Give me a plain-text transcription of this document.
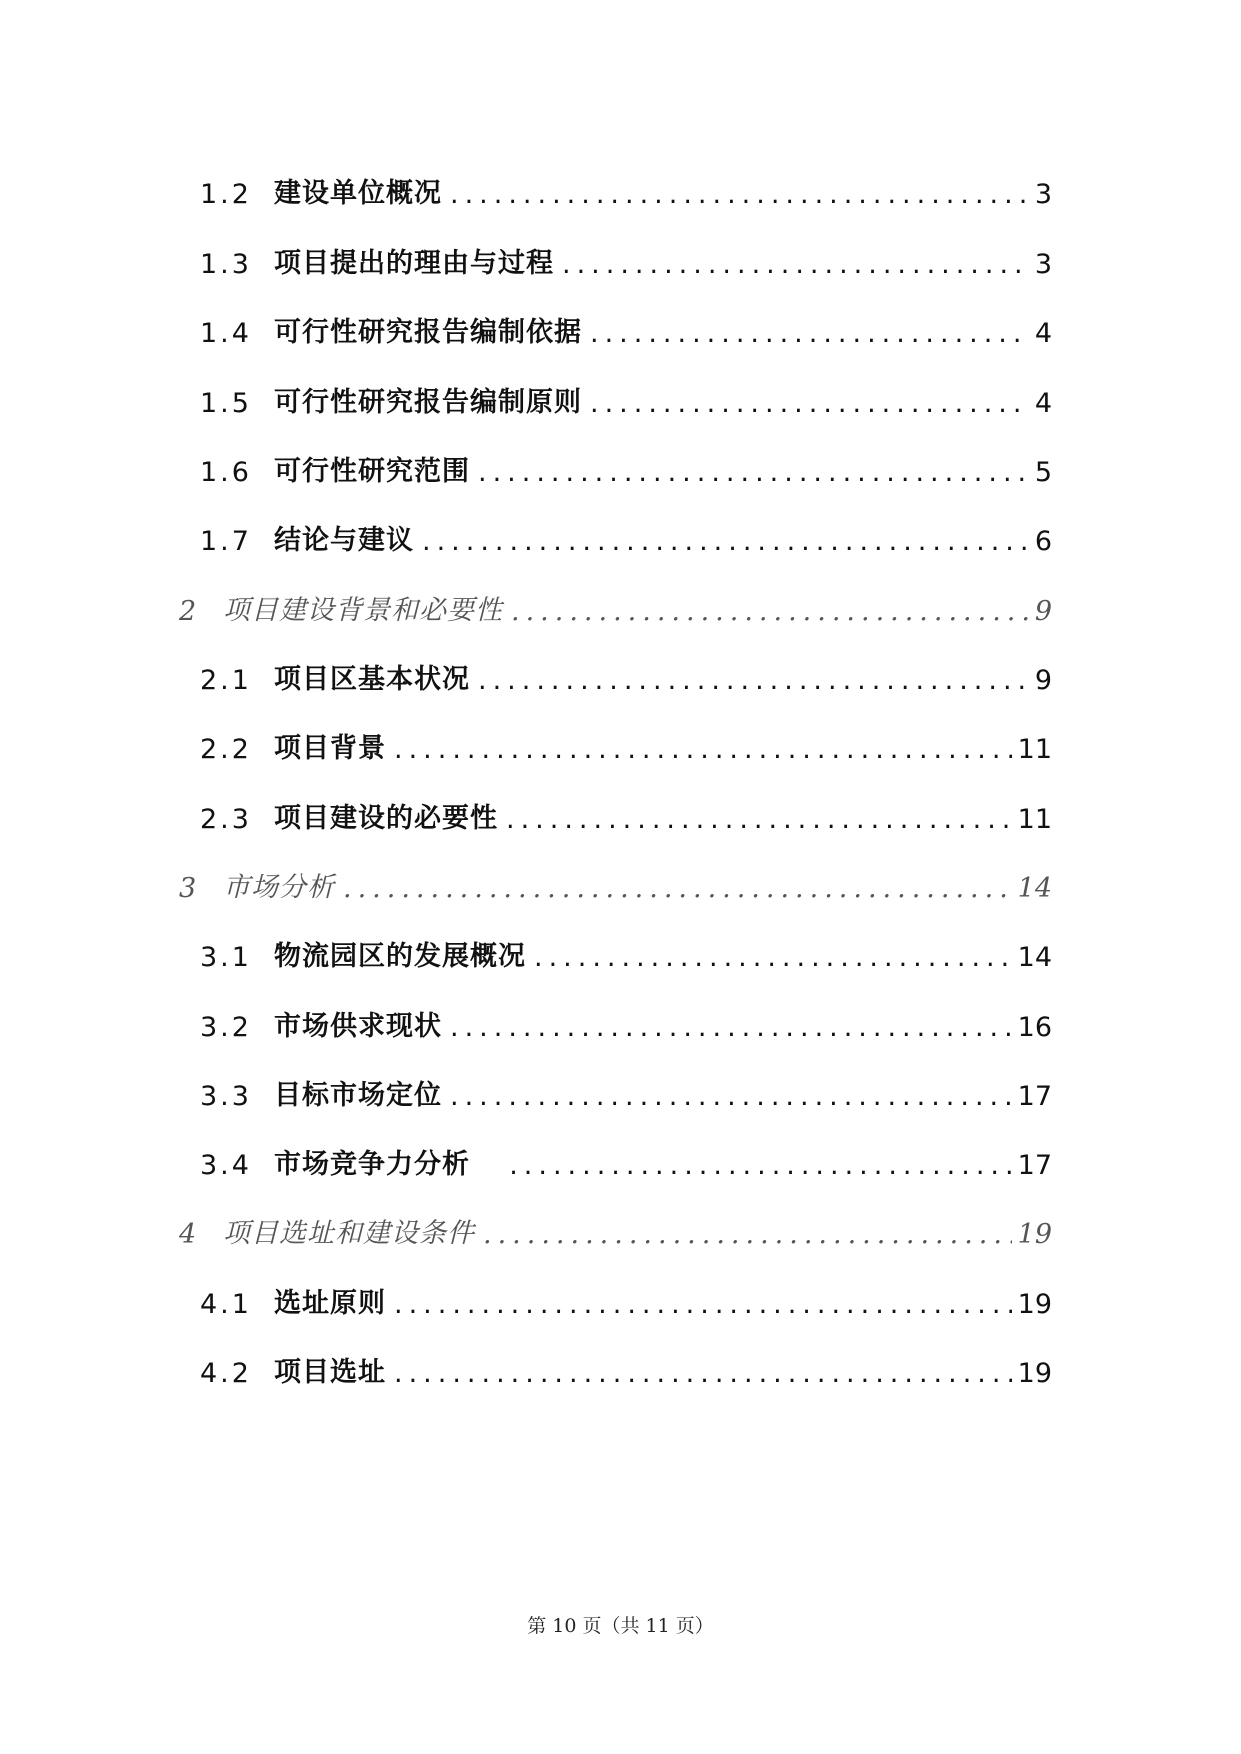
1.2 建设单位概况 .....	3
1.3 项目提出的理由与过程 .....	3
1.4 可行性研究报告编制依据 .....	4
1.5 可行性研究报告编制原则 .....	4
1.6 可行性研究范围 .....	5
1.7 结论与建议 .....	6
2 项目建设背景和必要性 .....	9
2.1 项目区基本状况 .....	9
2.2 项目背景 .....	11
2.3 项目建设的必要性 .....	11
3 市场分析 .....	14
3.1 物流园区的发展概况 .....	14
3.2 市场供求现状 .....	16
3.3 目标市场定位 .....	17
3.4 市场竞争力分析 .....	17
4 项目选址和建设条件 .....	19
4.1 选址原则 .....	19
4.2 项目选址 .....	19
第 10 页（共 11 页）
